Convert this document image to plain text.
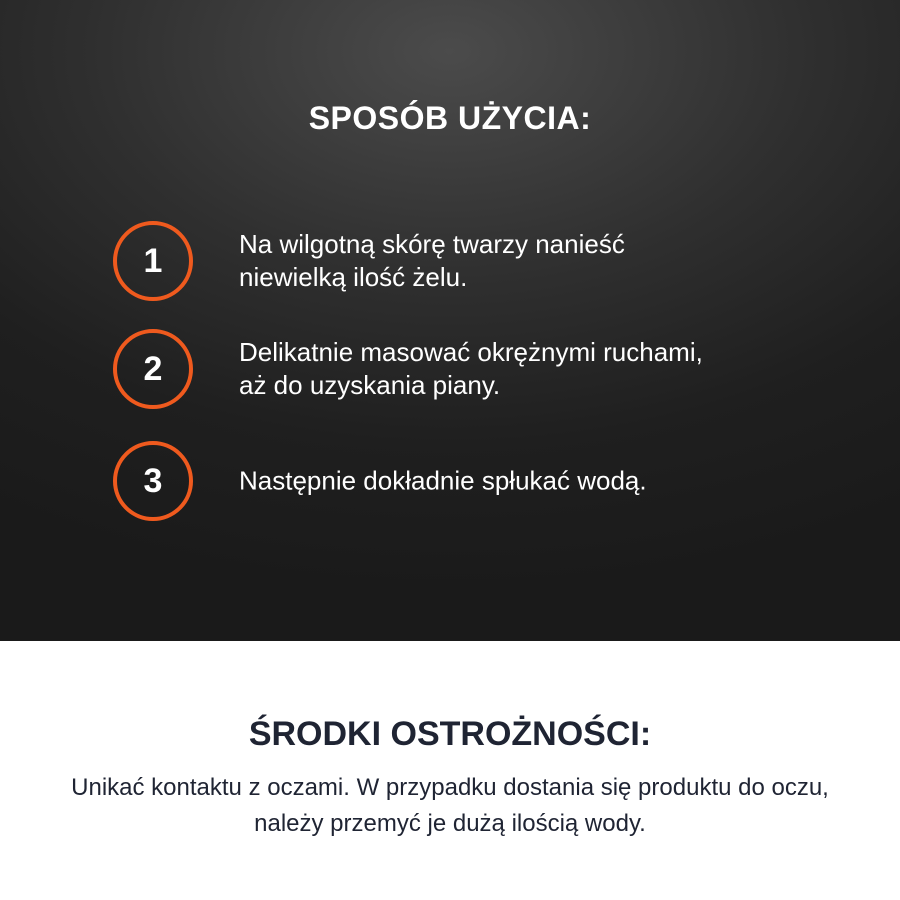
SPOSÓB UŻYCIA:
1	Na wilgotną skórę twarzy nanieść
niewielką ilość żelu.
2	Delikatnie masować okrężnymi ruchami,
aż do uzyskania piany.
3	Następnie dokładnie spłukać wodą.
ŚRODKI OSTROŻNOŚCI:

Unikać kontaktu z oczami. W przypadku dostania się produktu do oczu,
należy przemyć je dużą ilością wody.
